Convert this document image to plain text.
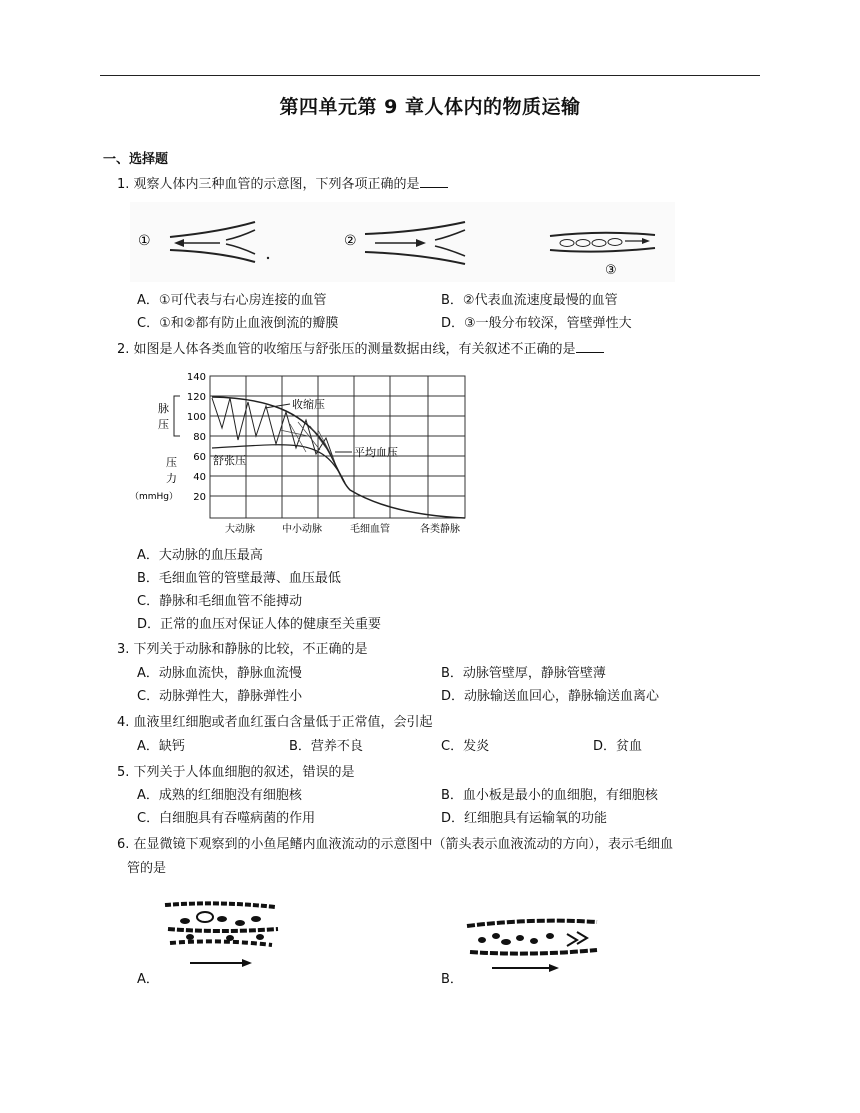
第四单元第 9 章人体内的物质运输
一、选择题
1. 观察人体内三种血管的示意图，下列各项正确的是
①	②
③
A．①可代表与右心房连接的血管	B．②代表血流速度最慢的血管
C．①和②都有防止血液倒流的瓣膜	D．③一般分布较深，管壁弹性大
2. 如图是人体各类血管的收缩压与舒张压的测量数据由线，有关叙述不正确的是
140
120
100
80
60
40
20
脉
压
压
力
（mmHg）
收缩压
平均血压
舒张压
大动脉	中小动脉	毛细血管	各类静脉
A．大动脉的血压最高
B．毛细血管的管壁最薄、血压最低
C．静脉和毛细血管不能搏动
D．正常的血压对保证人体的健康至关重要
3. 下列关于动脉和静脉的比较，不正确的是
A．动脉血流快，静脉血流慢	B．动脉管壁厚，静脉管壁薄
C．动脉弹性大，静脉弹性小	D．动脉输送血回心，静脉输送血离心
4. 血液里红细胞或者血红蛋白含量低于正常值，会引起
A．缺钙	B．营养不良	C．发炎	D．贫血
5. 下列关于人体血细胞的叙述，错误的是
A．成熟的红细胞没有细胞核	B．血小板是最小的血细胞，有细胞核
C．白细胞具有吞噬病菌的作用	D．红细胞具有运输氧的功能
6. 在显微镜下观察到的小鱼尾鳍内血液流动的示意图中（箭头表示血液流动的方向），表示毛细血
管的是
A．	B．
